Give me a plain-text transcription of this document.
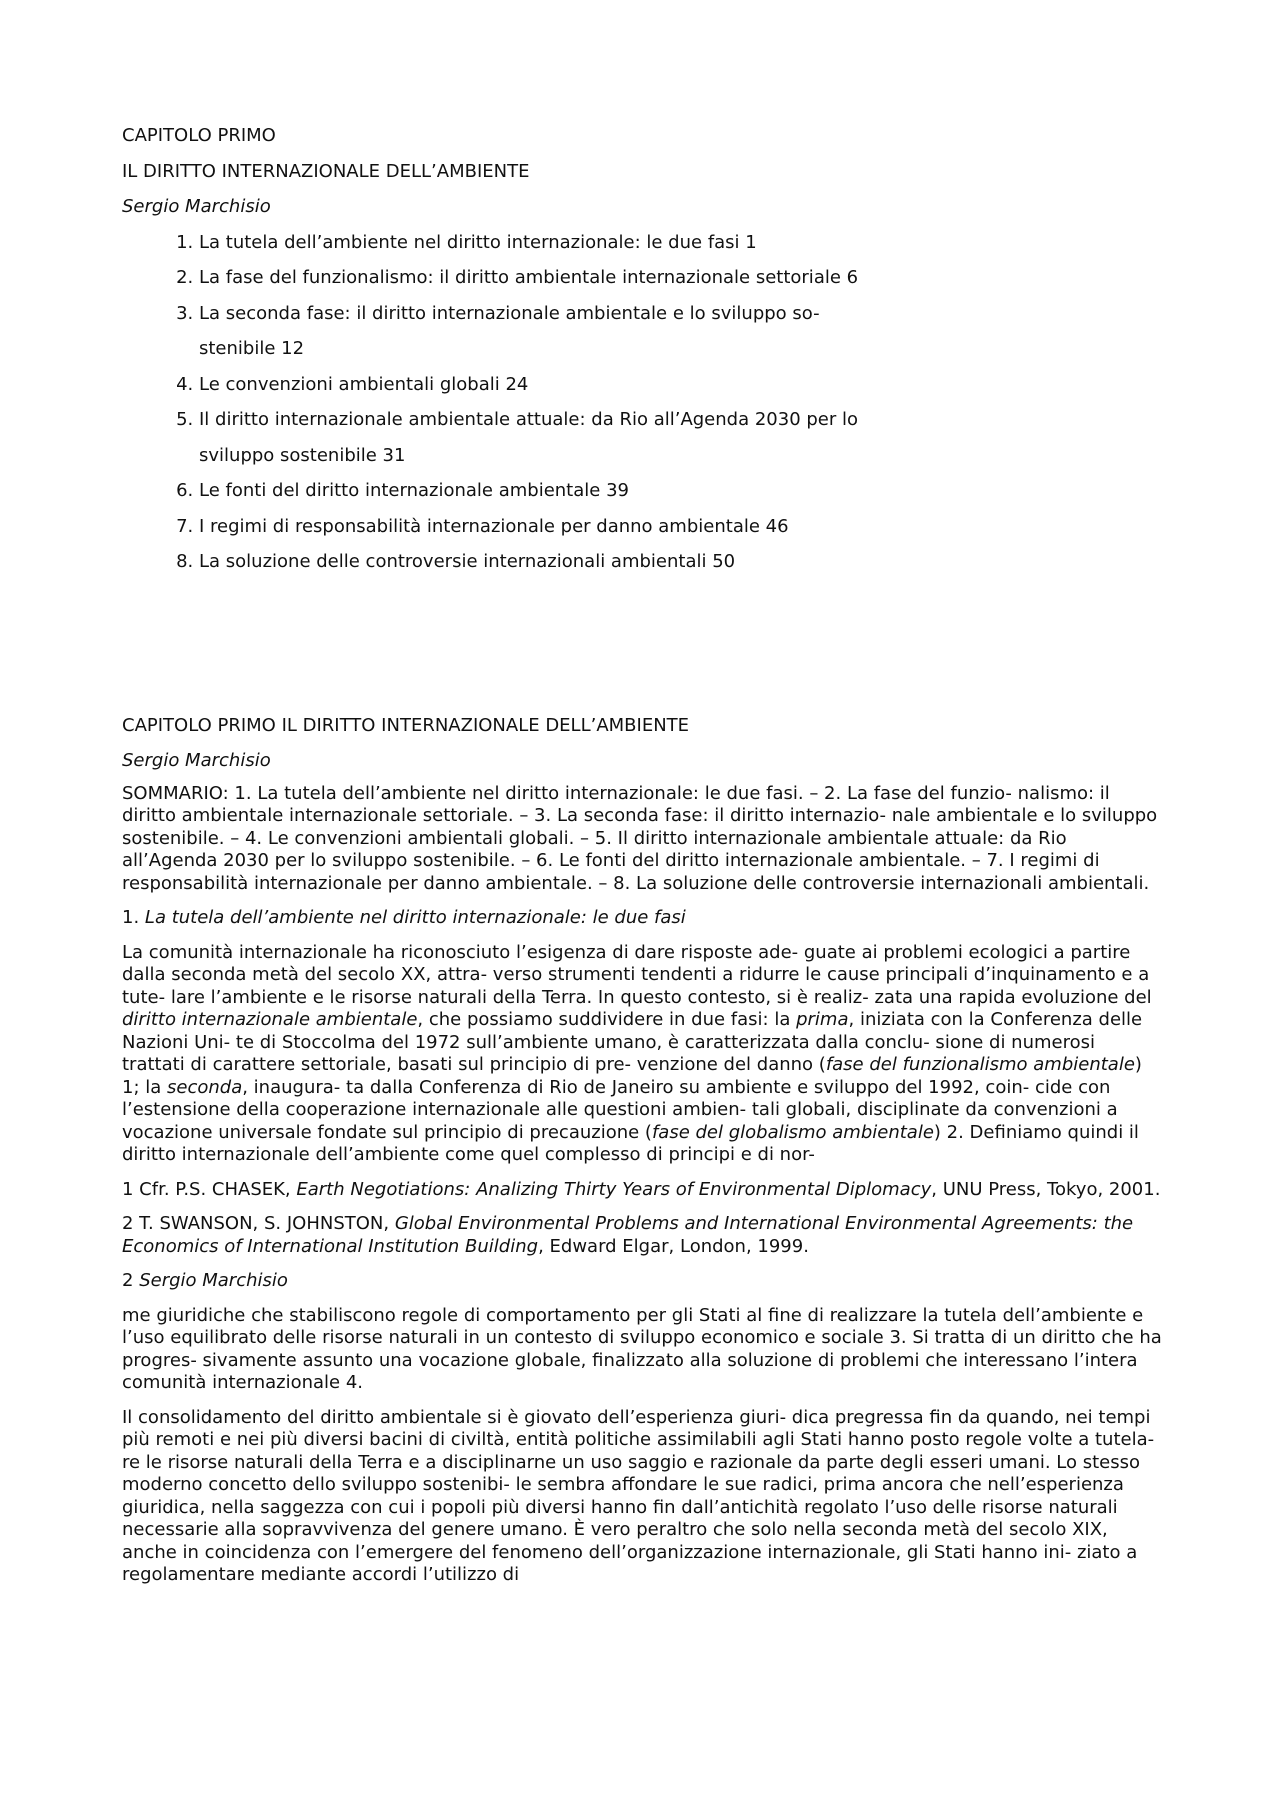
CAPITOLO PRIMO

IL DIRITTO INTERNAZIONALE DELL’AMBIENTE

Sergio Marchisio

1. La tutela dell’ambiente nel diritto internazionale: le due fasi 1
2. La fase del funzionalismo: il diritto ambientale internazionale settoriale 6
3. La seconda fase: il diritto internazionale ambientale e lo sviluppo so- stenibile 12
4. Le convenzioni ambientali globali 24
5. Il diritto internazionale ambientale attuale: da Rio all’Agenda 2030 per lo sviluppo sostenibile 31
6. Le fonti del diritto internazionale ambientale 39
7. I regimi di responsabilità internazionale per danno ambientale 46
8. La soluzione delle controversie internazionali ambientali 50

CAPITOLO PRIMO IL DIRITTO INTERNAZIONALE DELL’AMBIENTE

Sergio Marchisio

SOMMARIO: 1. La tutela dell’ambiente nel diritto internazionale: le due fasi. – 2. La fase del funzio- nalismo: il diritto ambientale internazionale settoriale. – 3. La seconda fase: il diritto internazio- nale ambientale e lo sviluppo sostenibile. – 4. Le convenzioni ambientali globali. – 5. Il diritto internazionale ambientale attuale: da Rio all’Agenda 2030 per lo sviluppo sostenibile. – 6. Le fonti del diritto internazionale ambientale. – 7. I regimi di responsabilità internazionale per danno ambientale. – 8. La soluzione delle controversie internazionali ambientali.

1. La tutela dell’ambiente nel diritto internazionale: le due fasi

La comunità internazionale ha riconosciuto l’esigenza di dare risposte ade- guate ai problemi ecologici a partire dalla seconda metà del secolo XX, attra- verso strumenti tendenti a ridurre le cause principali d’inquinamento e a tute- lare l’ambiente e le risorse naturali della Terra. In questo contesto, si è realiz- zata una rapida evoluzione del diritto internazionale ambientale, che possiamo suddividere in due fasi: la prima, iniziata con la Conferenza delle Nazioni Uni- te di Stoccolma del 1972 sull’ambiente umano, è caratterizzata dalla conclu- sione di numerosi trattati di carattere settoriale, basati sul principio di pre- venzione del danno (fase del funzionalismo ambientale) 1; la seconda, inaugura- ta dalla Conferenza di Rio de Janeiro su ambiente e sviluppo del 1992, coin- cide con l’estensione della cooperazione internazionale alle questioni ambien- tali globali, disciplinate da convenzioni a vocazione universale fondate sul principio di precauzione (fase del globalismo ambientale) 2. Definiamo quindi il diritto internazionale dell’ambiente come quel complesso di principi e di nor-

1 Cfr. P.S. CHASEK, Earth Negotiations: Analizing Thirty Years of Environmental Diplomacy, UNU Press, Tokyo, 2001.

2 T. SWANSON, S. JOHNSTON, Global Environmental Problems and International Environmental Agreements: the Economics of International Institution Building, Edward Elgar, London, 1999.

2 Sergio Marchisio

me giuridiche che stabiliscono regole di comportamento per gli Stati al fine di realizzare la tutela dell’ambiente e l’uso equilibrato delle risorse naturali in un contesto di sviluppo economico e sociale 3. Si tratta di un diritto che ha progres- sivamente assunto una vocazione globale, finalizzato alla soluzione di problemi che interessano l’intera comunità internazionale 4.

Il consolidamento del diritto ambientale si è giovato dell’esperienza giuri- dica pregressa fin da quando, nei tempi più remoti e nei più diversi bacini di civiltà, entità politiche assimilabili agli Stati hanno posto regole volte a tutela- re le risorse naturali della Terra e a disciplinarne un uso saggio e razionale da parte degli esseri umani. Lo stesso moderno concetto dello sviluppo sostenibi- le sembra affondare le sue radici, prima ancora che nell’esperienza giuridica, nella saggezza con cui i popoli più diversi hanno fin dall’antichità regolato l’uso delle risorse naturali necessarie alla sopravvivenza del genere umano. È vero peraltro che solo nella seconda metà del secolo XIX, anche in coincidenza con l’emergere del fenomeno dell’organizzazione internazionale, gli Stati hanno ini- ziato a regolamentare mediante accordi l’utilizzo di
